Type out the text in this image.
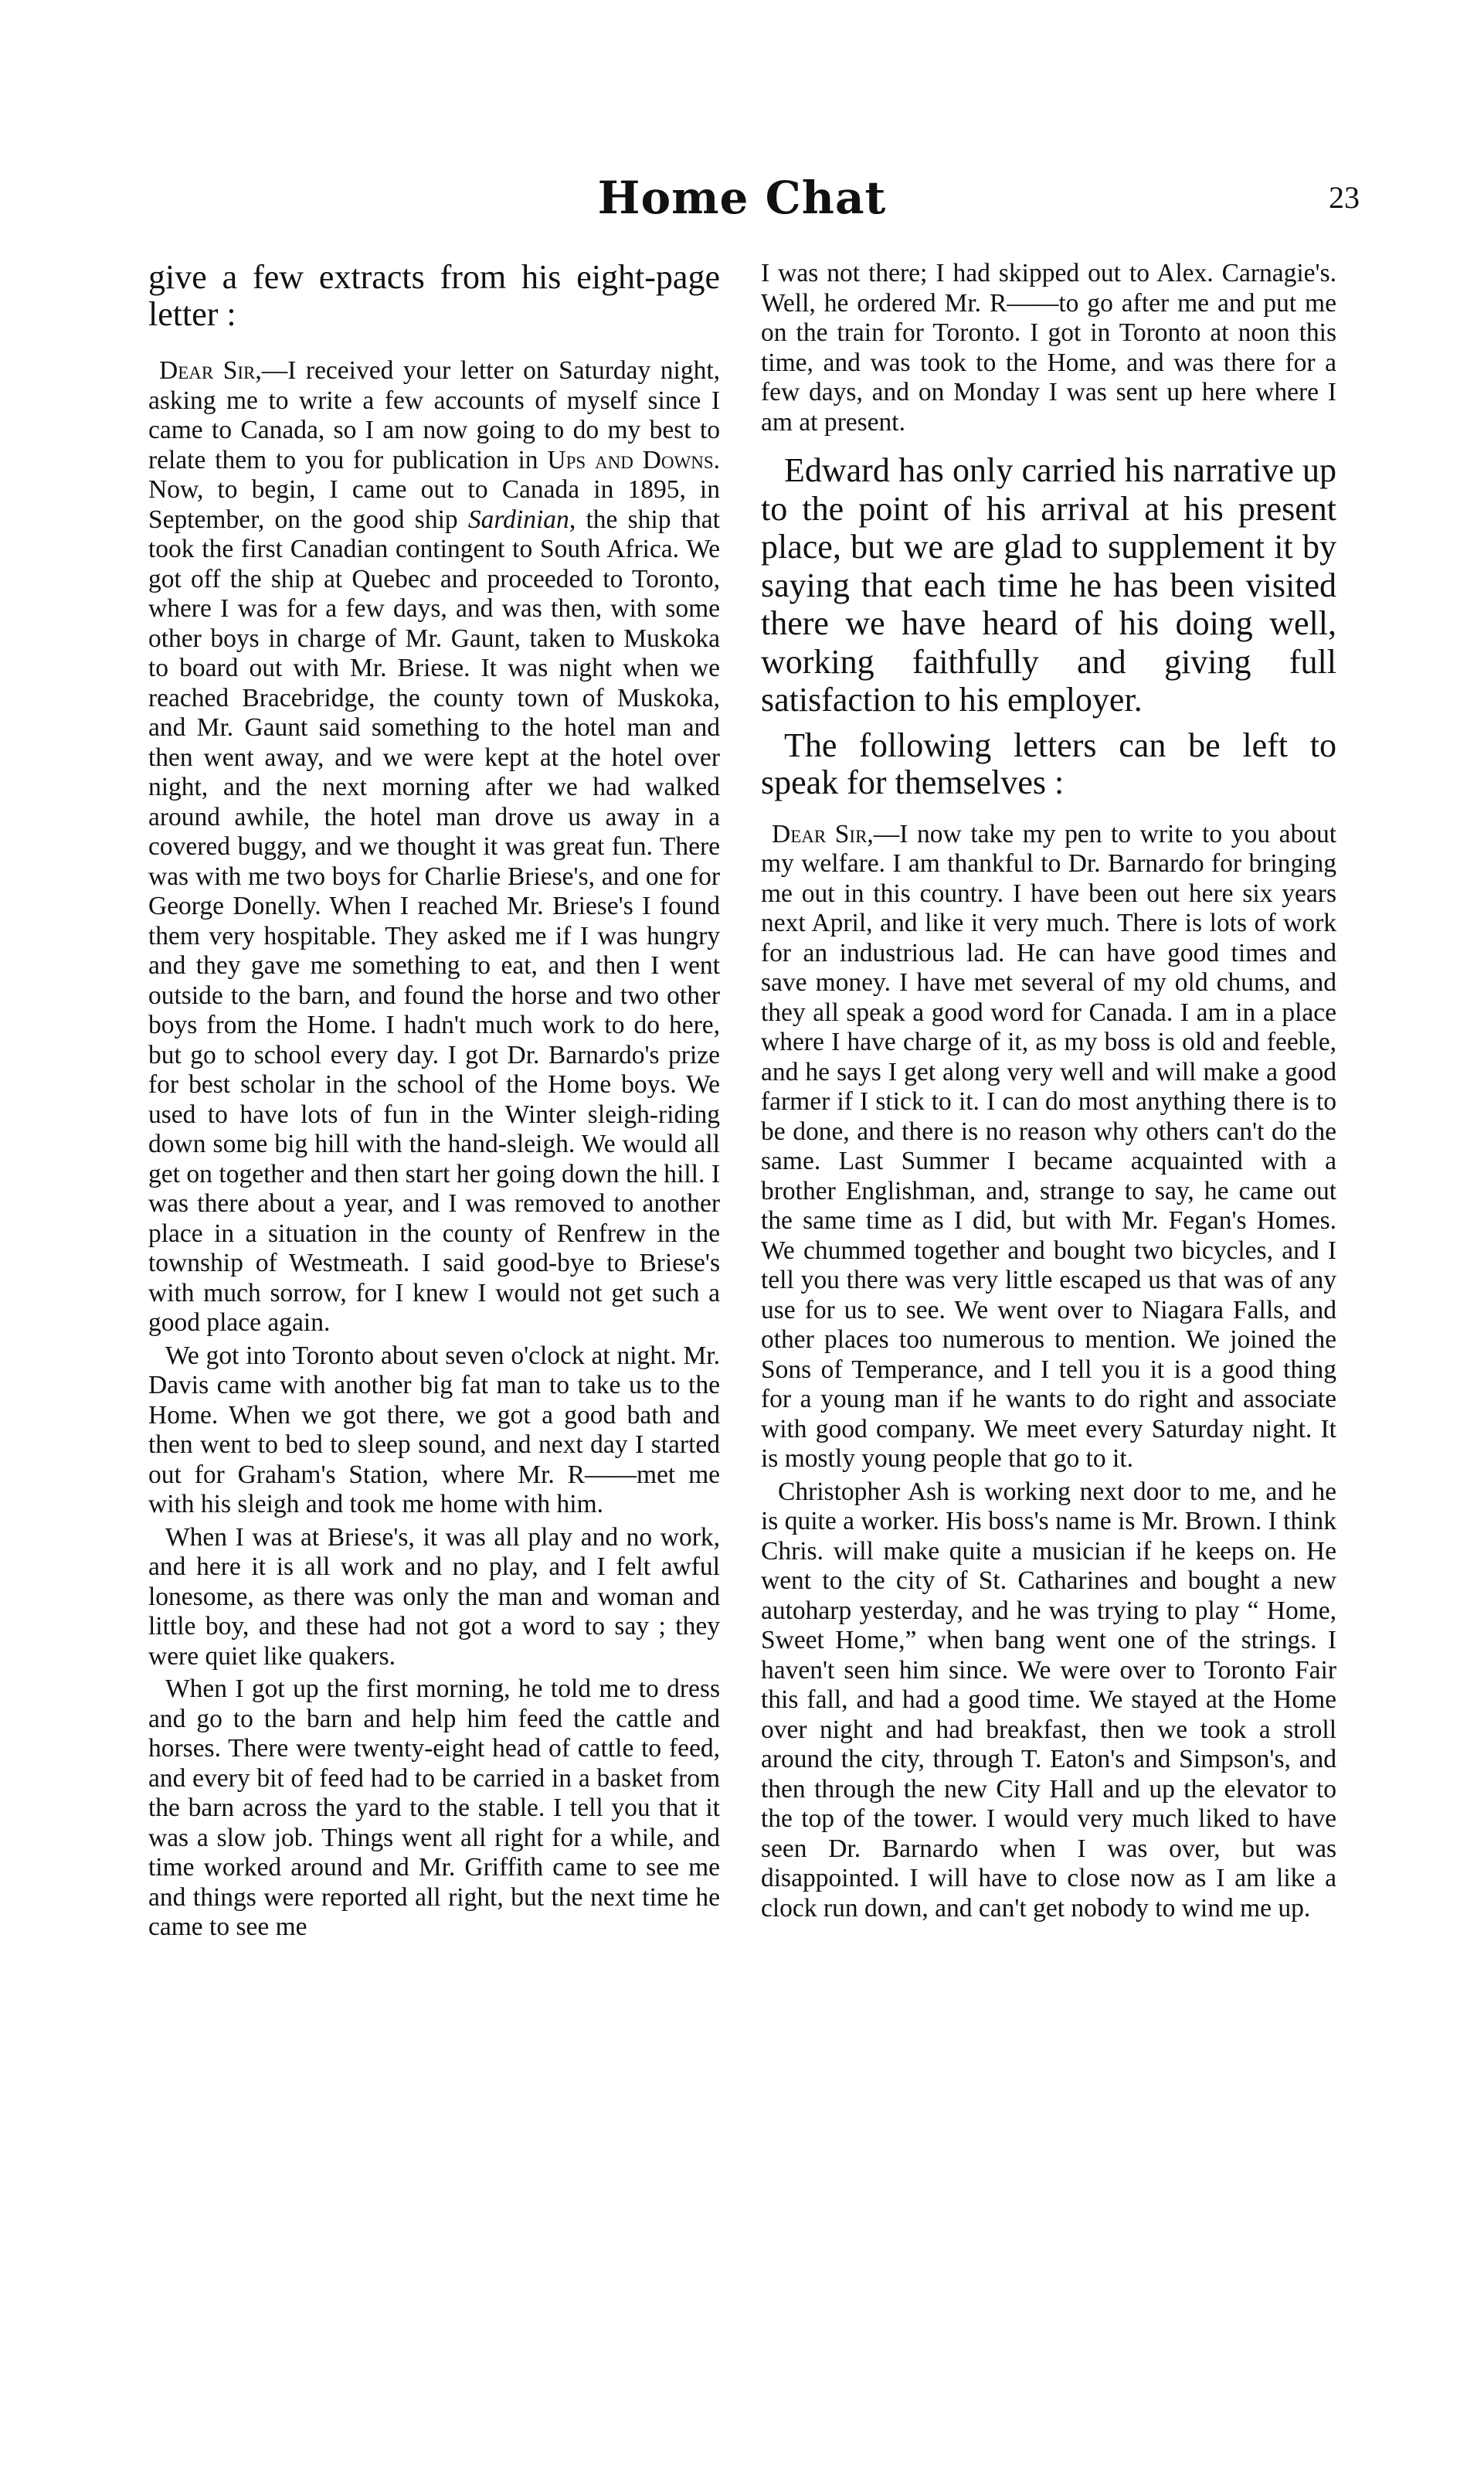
Home Chat	23

give a few extracts from his eight-page letter :

Dear Sir,—I received your letter on Saturday night, asking me to write a few accounts of myself since I came to Canada, so I am now going to do my best to relate them to you for publication in Ups and Downs. Now, to begin, I came out to Canada in 1895, in September, on the good ship Sardinian, the ship that took the first Canadian contingent to South Africa. We got off the ship at Quebec and proceeded to Toronto, where I was for a few days, and was then, with some other boys in charge of Mr. Gaunt, taken to Muskoka to board out with Mr. Briese. It was night when we reached Bracebridge, the county town of Muskoka, and Mr. Gaunt said something to the hotel man and then went away, and we were kept at the hotel over night, and the next morning after we had walked around awhile, the hotel man drove us away in a covered buggy, and we thought it was great fun. There was with me two boys for Charlie Briese's, and one for George Donelly. When I reached Mr. Briese's I found them very hospitable. They asked me if I was hungry and they gave me something to eat, and then I went outside to the barn, and found the horse and two other boys from the Home. I hadn't much work to do here, but go to school every day. I got Dr. Barnardo's prize for best scholar in the school of the Home boys. We used to have lots of fun in the Winter sleigh-riding down some big hill with the hand-sleigh. We would all get on together and then start her going down the hill. I was there about a year, and I was removed to another place in a situation in the county of Renfrew in the township of Westmeath. I said good-bye to Briese's with much sorrow, for I knew I would not get such a good place again.

We got into Toronto about seven o'clock at night. Mr. Davis came with another big fat man to take us to the Home. When we got there, we got a good bath and then went to bed to sleep sound, and next day I started out for Graham's Station, where Mr. R——met me with his sleigh and took me home with him.

When I was at Briese's, it was all play and no work, and here it is all work and no play, and I felt awful lonesome, as there was only the man and woman and little boy, and these had not got a word to say ; they were quiet like quakers.

When I got up the first morning, he told me to dress and go to the barn and help him feed the cattle and horses. There were twenty-eight head of cattle to feed, and every bit of feed had to be carried in a basket from the barn across the yard to the stable. I tell you that it was a slow job. Things went all right for a while, and time worked around and Mr. Griffith came to see me and things were reported all right, but the next time he came to see me

I was not there; I had skipped out to Alex. Carnagie's. Well, he ordered Mr. R——to go after me and put me on the train for Toronto. I got in Toronto at noon this time, and was took to the Home, and was there for a few days, and on Monday I was sent up here where I am at present.

Edward has only carried his narrative up to the point of his arrival at his present place, but we are glad to supplement it by saying that each time he has been visited there we have heard of his doing well, working faithfully and giving full satisfaction to his employer.

The following letters can be left to speak for themselves :

Dear Sir,—I now take my pen to write to you about my welfare. I am thankful to Dr. Barnardo for bringing me out in this country. I have been out here six years next April, and like it very much. There is lots of work for an industrious lad. He can have good times and save money. I have met several of my old chums, and they all speak a good word for Canada. I am in a place where I have charge of it, as my boss is old and feeble, and he says I get along very well and will make a good farmer if I stick to it. I can do most anything there is to be done, and there is no reason why others can't do the same. Last Summer I became acquainted with a brother Englishman, and, strange to say, he came out the same time as I did, but with Mr. Fegan's Homes. We chummed together and bought two bicycles, and I tell you there was very little escaped us that was of any use for us to see. We went over to Niagara Falls, and other places too numerous to mention. We joined the Sons of Temperance, and I tell you it is a good thing for a young man if he wants to do right and associate with good company. We meet every Saturday night. It is mostly young people that go to it.

Christopher Ash is working next door to me, and he is quite a worker. His boss's name is Mr. Brown. I think Chris. will make quite a musician if he keeps on. He went to the city of St. Catharines and bought a new autoharp yesterday, and he was trying to play “ Home, Sweet Home,” when bang went one of the strings. I haven't seen him since. We were over to Toronto Fair this fall, and had a good time. We stayed at the Home over night and had breakfast, then we took a stroll around the city, through T. Eaton's and Simpson's, and then through the new City Hall and up the elevator to the top of the tower. I would very much liked to have seen Dr. Barnardo when I was over, but was disappointed. I will have to close now as I am like a clock run down, and can't get nobody to wind me up.
